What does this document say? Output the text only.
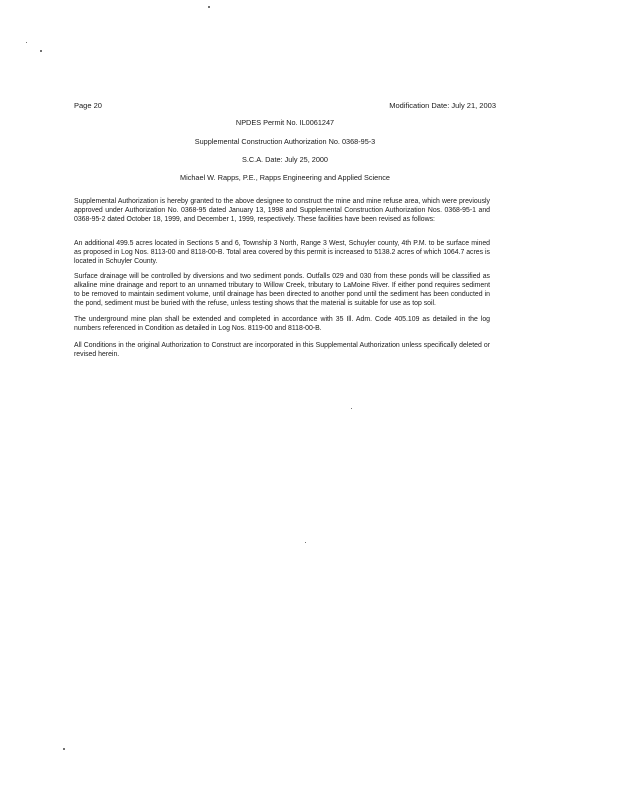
Page 20	Modification Date: July 21, 2003
NPDES Permit No. IL0061247
Supplemental Construction Authorization No. 0368-95-3
S.C.A. Date: July 25, 2000
Michael W. Rapps, P.E., Rapps Engineering and Applied Science
Supplemental Authorization is hereby granted to the above designee to construct the mine and mine refuse area, which were previously approved under Authorization No. 0368-95 dated January 13, 1998 and Supplemental Construction Authorization Nos. 0368-95-1 and 0368-95-2 dated October 18, 1999, and December 1, 1999, respectively. These facilities have been revised as follows:
An additional 499.5 acres located in Sections 5 and 6, Township 3 North, Range 3 West, Schuyler county, 4th P.M. to be surface mined as proposed in Log Nos. 8113-00 and 8118-00-B. Total area covered by this permit is increased to 5138.2 acres of which 1064.7 acres is located in Schuyler County.
Surface drainage will be controlled by diversions and two sediment ponds. Outfalls 029 and 030 from these ponds will be classified as alkaline mine drainage and report to an unnamed tributary to Willow Creek, tributary to LaMoine River. If either pond requires sediment to be removed to maintain sediment volume, until drainage has been directed to another pond until the sediment has been conducted in the pond, sediment must be buried with the refuse, unless testing shows that the material is suitable for use as top soil.
The underground mine plan shall be extended and completed in accordance with 35 Ill. Adm. Code 405.109 as detailed in the log numbers referenced in Condition as detailed in Log Nos. 8119-00 and 8118-00-B.
All Conditions in the original Authorization to Construct are incorporated in this Supplemental Authorization unless specifically deleted or revised herein.
